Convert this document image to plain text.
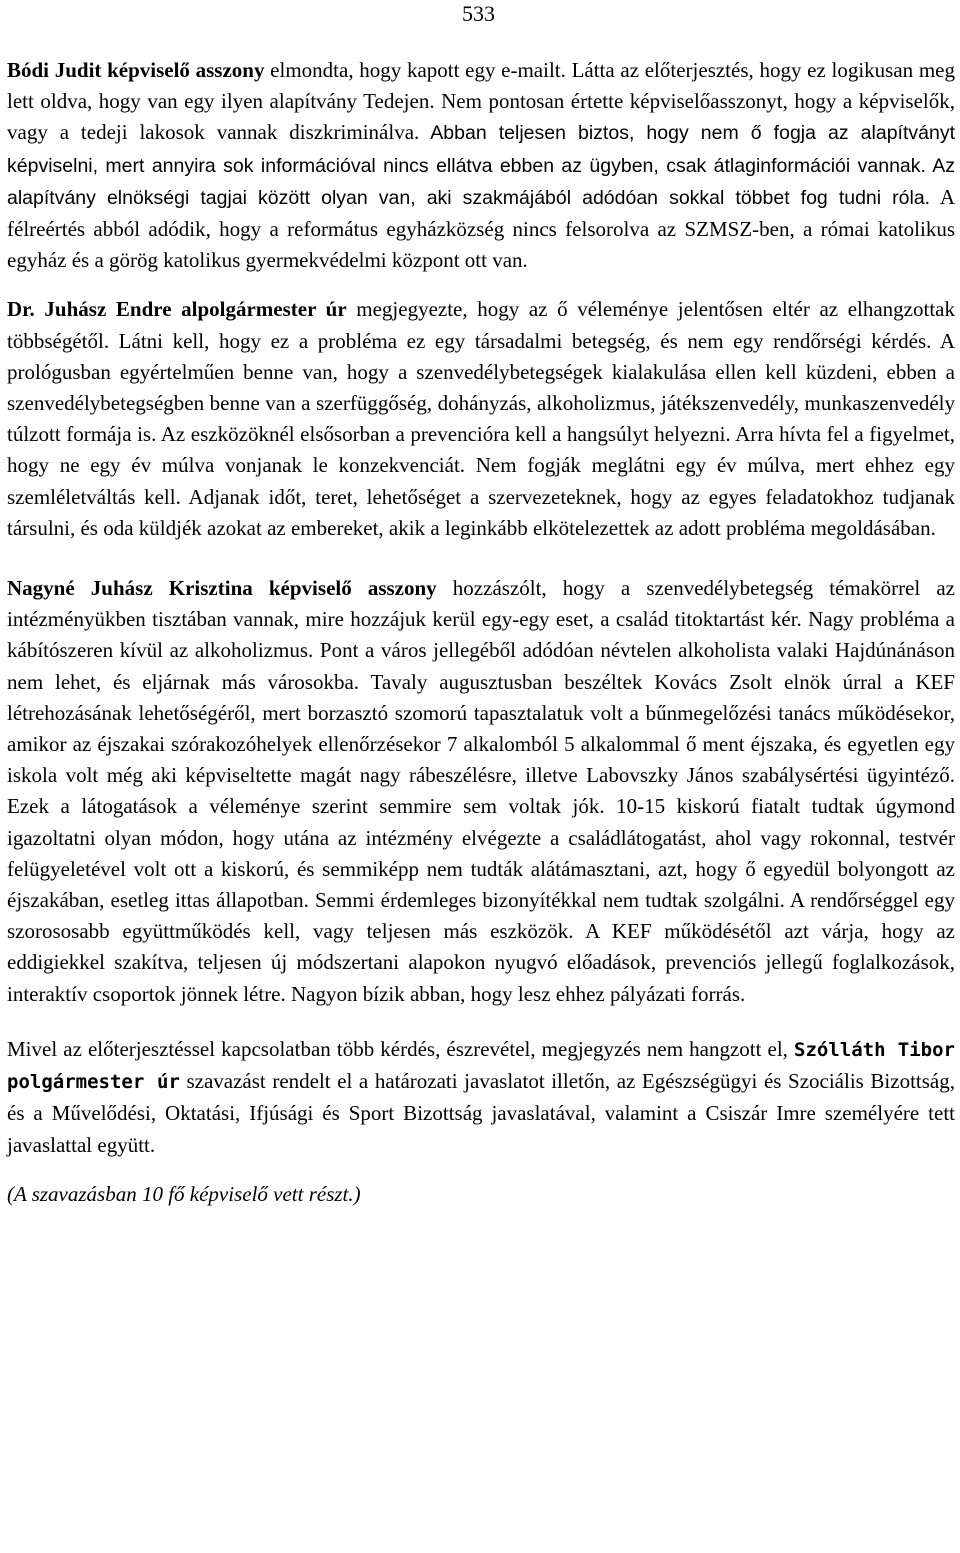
533

Bódi Judit képviselő asszony elmondta, hogy kapott egy e-mailt. Látta az előterjesztés, hogy ez logikusan meg lett oldva, hogy van egy ilyen alapítvány Tedejen. Nem pontosan értette képviselőasszonyt, hogy a képviselők, vagy a tedeji lakosok vannak diszkriminálva. Abban teljesen biztos, hogy nem ő fogja az alapítványt képviselni, mert annyira sok információval nincs ellátva ebben az ügyben, csak átlaginformációi vannak. Az alapítvány elnökségi tagjai között olyan van, aki szakmájából adódóan sokkal többet fog tudni róla. A félreértés abból adódik, hogy a református egyházközség nincs felsorolva az SZMSZ-ben, a római katolikus egyház és a görög katolikus gyermekvédelmi központ ott van.

Dr. Juhász Endre alpolgármester úr megjegyezte, hogy az ő véleménye jelentősen eltér az elhangzottak többségétől. Látni kell, hogy ez a probléma ez egy társadalmi betegség, és nem egy rendőrségi kérdés. A prológusban egyértelműen benne van, hogy a szenvedélybetegségek kialakulása ellen kell küzdeni, ebben a szenvedélybetegségben benne van a szerfüggőség, dohányzás, alkoholizmus, játékszenvedély, munkaszenvedély túlzott formája is. Az eszközöknél elsősorban a prevencióra kell a hangsúlyt helyezni. Arra hívta fel a figyelmet, hogy ne egy év múlva vonjanak le konzekvenciát. Nem fogják meglátni egy év múlva, mert ehhez egy szemléletváltás kell. Adjanak időt, teret, lehetőséget a szervezeteknek, hogy az egyes feladatokhoz tudjanak társulni, és oda küldjék azokat az embereket, akik a leginkább elkötelezettek az adott probléma megoldásában.

Nagyné Juhász Krisztina képviselő asszony hozzászólt, hogy a szenvedélybetegség témakörrel az intézményükben tisztában vannak, mire hozzájuk kerül egy-egy eset, a család titoktartást kér. Nagy probléma a kábítószeren kívül az alkoholizmus. Pont a város jellegéből adódóan névtelen alkoholista valaki Hajdúnánáson nem lehet, és eljárnak más városokba. Tavaly augusztusban beszéltek Kovács Zsolt elnök úrral a KEF létrehozásának lehetőségéről, mert borzasztó szomorú tapasztalatuk volt a bűnmegelőzési tanács működésekor, amikor az éjszakai szórakozóhelyek ellenőrzésekor 7 alkalomból 5 alkalommal ő ment éjszaka, és egyetlen egy iskola volt még aki képviseltette magát nagy rábeszélésre, illetve Labovszky János szabálysértési ügyintéző. Ezek a látogatások a véleménye szerint semmire sem voltak jók. 10-15 kiskorú fiatalt tudtak úgymond igazoltatni olyan módon, hogy utána az intézmény elvégezte a családlátogatást, ahol vagy rokonnal, testvér felügyeletével volt ott a kiskorú, és semmiképp nem tudták alátámasztani, azt, hogy ő egyedül bolyongott az éjszakában, esetleg ittas állapotban. Semmi érdemleges bizonyítékkal nem tudtak szolgálni. A rendőrséggel egy szorososabb együttműködés kell, vagy teljesen más eszközök. A KEF működésétől azt várja, hogy az eddigiekkel szakítva, teljesen új módszertani alapokon nyugvó előadások, prevenciós jellegű foglalkozások, interaktív csoportok jönnek létre. Nagyon bízik abban, hogy lesz ehhez pályázati forrás.

Mivel az előterjesztéssel kapcsolatban több kérdés, észrevétel, megjegyzés nem hangzott el, Szólláth Tibor polgármester úr szavazást rendelt el a határozati javaslatot illetőn, az Egészségügyi és Szociális Bizottság, és a Művelődési, Oktatási, Ifjúsági és Sport Bizottság javaslatával, valamint a Csiszár Imre személyére tett javaslattal együtt.

(A szavazásban 10 fő képviselő vett részt.)
